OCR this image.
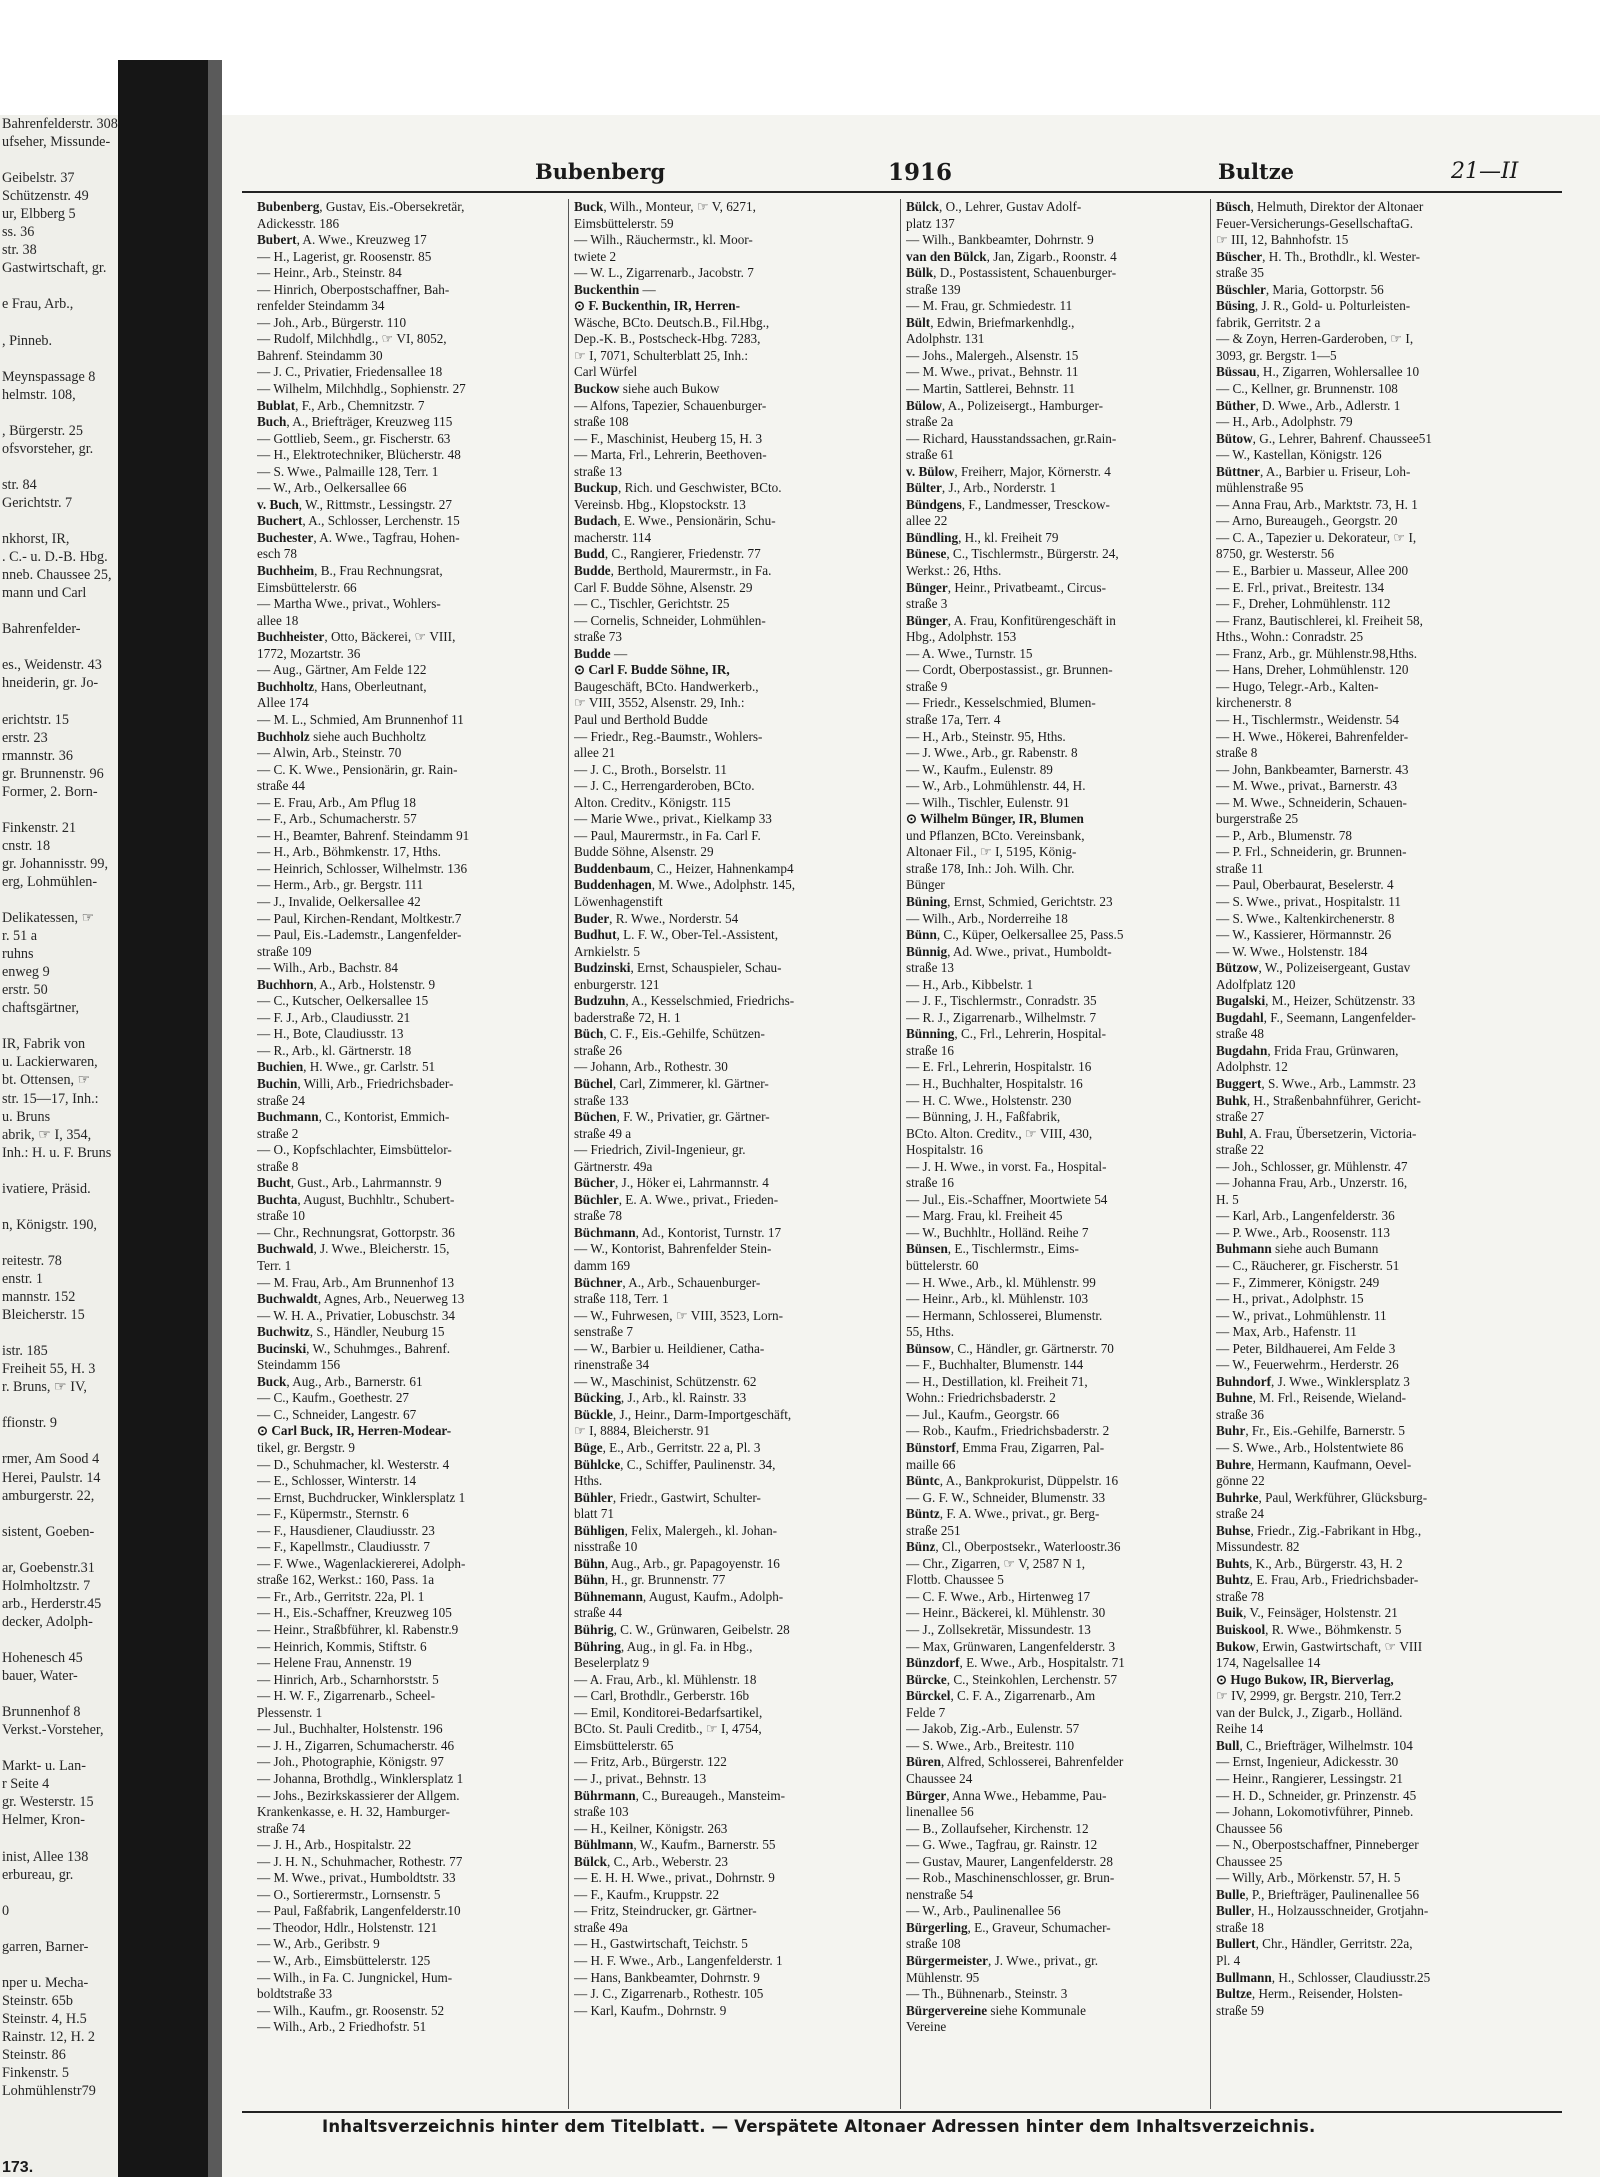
Bahrenfelderstr. 308
ufseher, Missunde-

Geibelstr. 37
Schützenstr. 49
ur, Elbberg 5
ss. 36
str. 38
Gastwirtschaft, gr.

e Frau, Arb.,

, Pinneb.

Meynspassage 8
helmstr. 108,

, Bürgerstr. 25
ofsvorsteher, gr.

str. 84
Gerichtstr. 7

nkhorst, IR,
. C.- u. D.-B. Hbg.
nneb. Chaussee 25,
mann und Carl

Bahrenfelder-

es., Weidenstr. 43
hneiderin, gr. Jo-

erichtstr. 15
erstr. 23
rmannstr. 36
gr. Brunnenstr. 96
Former, 2. Born-

Finkenstr. 21
cnstr. 18
gr. Johannisstr. 99,
erg, Lohmühlen-

Delikatessen, ☞
r. 51 a
ruhns
enweg 9
erstr. 50
chaftsgärtner,

IR, Fabrik von
u. Lackierwaren,
bt. Ottensen, ☞
str. 15—17, Inh.:
u. Bruns
abrik, ☞ I, 354,
Inh.: H. u. F. Bruns

ivatiere, Präsid.

n, Königstr. 190,

reitestr. 78
enstr. 1
mannstr. 152
Bleicherstr. 15

istr. 185
Freiheit 55, H. 3
r. Bruns, ☞ IV,

ffionstr. 9

rmer, Am Sood 4
Herei, Paulstr. 14
amburgerstr. 22,

sistent, Goeben-

ar, Goebenstr.31
Holmholtzstr. 7
arb., Herderstr.45
decker, Adolph-

Hohenesch 45
bauer, Water-

Brunnenhof 8
Verkst.-Vorsteher,

Markt- u. Lan-
r Seite 4
gr. Westerstr. 15
Helmer, Kron-

inist, Allee 138
erbureau, gr.

0

garren, Barner-

nper u. Mecha-
Steinstr. 65b
Steinstr. 4, H.5
Rainstr. 12, H. 2
Steinstr. 86
Finkenstr. 5
Lohmühlenstr79
173.
Bubenberg	1916	Bultze	21—II
Bubenberg, Gustav, Eis.-Obersekretär,
Adickesstr. 186
Bubert, A. Wwe., Kreuzweg 17
— H., Lagerist, gr. Roosenstr. 85
— Heinr., Arb., Steinstr. 84
— Hinrich, Oberpostschaffner, Bah-
renfelder Steindamm 34
— Joh., Arb., Bürgerstr. 110
— Rudolf, Milchhdlg., ☞ VI, 8052,
Bahrenf. Steindamm 30
— J. C., Privatier, Friedensallee 18
— Wilhelm, Milchhdlg., Sophienstr. 27
Bublat, F., Arb., Chemnitzstr. 7
Buch, A., Briefträger, Kreuzweg 115
— Gottlieb, Seem., gr. Fischerstr. 63
— H., Elektrotechniker, Blücherstr. 48
— S. Wwe., Palmaille 128, Terr. 1
— W., Arb., Oelkersallee 66
v. Buch, W., Rittmstr., Lessingstr. 27
Buchert, A., Schlosser, Lerchenstr. 15
Buchester, A. Wwe., Tagfrau, Hohen-
esch 78
Buchheim, B., Frau Rechnungsrat,
Eimsbüttelerstr. 66
— Martha Wwe., privat., Wohlers-
allee 18
Buchheister, Otto, Bäckerei, ☞ VIII,
1772, Mozartstr. 36
— Aug., Gärtner, Am Felde 122
Buchholtz, Hans, Oberleutnant,
Allee 174
— M. L., Schmied, Am Brunnenhof 11
Buchholz siehe auch Buchholtz
— Alwin, Arb., Steinstr. 70
— C. K. Wwe., Pensionärin, gr. Rain-
straße 44
— E. Frau, Arb., Am Pflug 18
— F., Arb., Schumacherstr. 57
— H., Beamter, Bahrenf. Steindamm 91
— H., Arb., Böhmkenstr. 17, Hths.
— Heinrich, Schlosser, Wilhelmstr. 136
— Herm., Arb., gr. Bergstr. 111
— J., Invalide, Oelkersallee 42
— Paul, Kirchen-Rendant, Moltkestr.7
— Paul, Eis.-Lademstr., Langenfelder-
straße 109
— Wilh., Arb., Bachstr. 84
Buchhorn, A., Arb., Holstenstr. 9
— C., Kutscher, Oelkersallee 15
— F. J., Arb., Claudiusstr. 21
— H., Bote, Claudiusstr. 13
— R., Arb., kl. Gärtnerstr. 18
Buchien, H. Wwe., gr. Carlstr. 51
Buchin, Willi, Arb., Friedrichsbader-
straße 24
Buchmann, C., Kontorist, Emmich-
straße 2
— O., Kopfschlachter, Eimsbüttelor-
straße 8
Bucht, Gust., Arb., Lahrmannstr. 9
Buchta, August, Buchhltr., Schubert-
straße 10
— Chr., Rechnungsrat, Gottorpstr. 36
Buchwald, J. Wwe., Bleicherstr. 15,
Terr. 1
— M. Frau, Arb., Am Brunnenhof 13
Buchwaldt, Agnes, Arb., Neuerweg 13
— W. H. A., Privatier, Lobuschstr. 34
Buchwitz, S., Händler, Neuburg 15
Bucinski, W., Schuhmges., Bahrenf.
Steindamm 156
Buck, Aug., Arb., Barnerstr. 61
— C., Kaufm., Goethestr. 27
— C., Schneider, Langestr. 67
⊙ Carl Buck, IR, Herren-Modear-
tikel, gr. Bergstr. 9
— D., Schuhmacher, kl. Westerstr. 4
— E., Schlosser, Winterstr. 14
— Ernst, Buchdrucker, Winklersplatz 1
— F., Küpermstr., Sternstr. 6
— F., Hausdiener, Claudiusstr. 23
— F., Kapellmstr., Claudiusstr. 7
— F. Wwe., Wagenlackiererei, Adolph-
straße 162, Werkst.: 160, Pass. 1a
— Fr., Arb., Gerritstr. 22a, Pl. 1
— H., Eis.-Schaffner, Kreuzweg 105
— Heinr., Straßbführer, kl. Rabenstr.9
— Heinrich, Kommis, Stiftstr. 6
— Helene Frau, Annenstr. 19
— Hinrich, Arb., Scharnhorststr. 5
— H. W. F., Zigarrenarb., Scheel-
Plessenstr. 1
— Jul., Buchhalter, Holstenstr. 196
— J. H., Zigarren, Schumacherstr. 46
— Joh., Photographie, Königstr. 97
— Johanna, Brothdlg., Winklersplatz 1
— Johs., Bezirkskassierer der Allgem.
Krankenkasse, e. H. 32, Hamburger-
straße 74
— J. H., Arb., Hospitalstr. 22
— J. H. N., Schuhmacher, Rothestr. 77
— M. Wwe., privat., Humboldtstr. 33
— O., Sortierermstr., Lornsenstr. 5
— Paul, Faßfabrik, Langenfelderstr.10
— Theodor, Hdlr., Holstenstr. 121
— W., Arb., Geribstr. 9
— W., Arb., Eimsbüttelerstr. 125
— Wilh., in Fa. C. Jungnickel, Hum-
boldtstraße 33
— Wilh., Kaufm., gr. Roosenstr. 52
— Wilh., Arb., 2 Friedhofstr. 51
Buck, Wilh., Monteur, ☞ V, 6271,
Eimsbüttelerstr. 59
— Wilh., Räuchermstr., kl. Moor-
twiete 2
— W. L., Zigarrenarb., Jacobstr. 7
Buckenthin —
⊙ F. Buckenthin, IR, Herren-
Wäsche, BCto. Deutsch.B., Fil.Hbg.,
Dep.-K. B., Postscheck-Hbg. 7283,
☞ I, 7071, Schulterblatt 25, Inh.:
Carl Würfel
Buckow siehe auch Bukow
— Alfons, Tapezier, Schauenburger-
straße 108
— F., Maschinist, Heuberg 15, H. 3
— Marta, Frl., Lehrerin, Beethoven-
straße 13
Buckup, Rich. und Geschwister, BCto.
Vereinsb. Hbg., Klopstockstr. 13
Budach, E. Wwe., Pensionärin, Schu-
macherstr. 114
Budd, C., Rangierer, Friedenstr. 77
Budde, Berthold, Maurermstr., in Fa.
Carl F. Budde Söhne, Alsenstr. 29
— C., Tischler, Gerichtstr. 25
— Cornelis, Schneider, Lohmühlen-
straße 73
Budde —
⊙ Carl F. Budde Söhne, IR,
Baugeschäft, BCto. Handwerkerb.,
☞ VIII, 3552, Alsenstr. 29, Inh.:
Paul und Berthold Budde
— Friedr., Reg.-Baumstr., Wohlers-
allee 21
— J. C., Broth., Borselstr. 11
— J. C., Herrengarderoben, BCto.
Alton. Creditv., Königstr. 115
— Marie Wwe., privat., Kielkamp 33
— Paul, Maurermstr., in Fa. Carl F.
Budde Söhne, Alsenstr. 29
Buddenbaum, C., Heizer, Hahnenkamp4
Buddenhagen, M. Wwe., Adolphstr. 145,
Löwenhagenstift
Buder, R. Wwe., Norderstr. 54
Budhut, L. F. W., Ober-Tel.-Assistent,
Arnkielstr. 5
Budzinski, Ernst, Schauspieler, Schau-
enburgerstr. 121
Budzuhn, A., Kesselschmied, Friedrichs-
baderstraße 72, H. 1
Büch, C. F., Eis.-Gehilfe, Schützen-
straße 26
— Johann, Arb., Rothestr. 30
Büchel, Carl, Zimmerer, kl. Gärtner-
straße 133
Büchen, F. W., Privatier, gr. Gärtner-
straße 49 a
— Friedrich, Zivil-Ingenieur, gr.
Gärtnerstr. 49a
Bücher, J., Höker ei, Lahrmannstr. 4
Büchler, E. A. Wwe., privat., Frieden-
straße 78
Büchmann, Ad., Kontorist, Turnstr. 17
— W., Kontorist, Bahrenfelder Stein-
damm 169
Büchner, A., Arb., Schauenburger-
straße 118, Terr. 1
— W., Fuhrwesen, ☞ VIII, 3523, Lorn-
senstraße 7
— W., Barbier u. Heildiener, Catha-
rinenstraße 34
— W., Maschinist, Schützenstr. 62
Bücking, J., Arb., kl. Rainstr. 33
Bückle, J., Heinr., Darm-Importgeschäft,
☞ I, 8884, Bleicherstr. 91
Büge, E., Arb., Gerritstr. 22 a, Pl. 3
Bühlcke, C., Schiffer, Paulinenstr. 34,
Hths.
Bühler, Friedr., Gastwirt, Schulter-
blatt 71
Bühligen, Felix, Malergeh., kl. Johan-
nisstraße 10
Bühn, Aug., Arb., gr. Papagoyenstr. 16
Bühn, H., gr. Brunnenstr. 77
Bühnemann, August, Kaufm., Adolph-
straße 44
Bührig, C. W., Grünwaren, Geibelstr. 28
Bühring, Aug., in gl. Fa. in Hbg.,
Beselerplatz 9
— A. Frau, Arb., kl. Mühlenstr. 18
— Carl, Brothdlr., Gerberstr. 16b
— Emil, Konditorei-Bedarfsartikel,
BCto. St. Pauli Creditb., ☞ I, 4754,
Eimsbüttelerstr. 65
— Fritz, Arb., Bürgerstr. 122
— J., privat., Behnstr. 13
Bührmann, C., Bureaugeh., Mansteim-
straße 103
— H., Keilner, Königstr. 263
Bühlmann, W., Kaufm., Barnerstr. 55
Bülck, C., Arb., Weberstr. 23
— E. H. H. Wwe., privat., Dohrnstr. 9
— F., Kaufm., Kruppstr. 22
— Fritz, Steindrucker, gr. Gärtner-
straße 49a
— H., Gastwirtschaft, Teichstr. 5
— H. F. Wwe., Arb., Langenfelderstr. 1
— Hans, Bankbeamter, Dohrnstr. 9
— J. C., Zigarrenarb., Rothestr. 105
— Karl, Kaufm., Dohrnstr. 9
Bülck, O., Lehrer, Gustav Adolf-
platz 137
— Wilh., Bankbeamter, Dohrnstr. 9
van den Bülck, Jan, Zigarb., Roonstr. 4
Bülk, D., Postassistent, Schauenburger-
straße 139
— M. Frau, gr. Schmiedestr. 11
Bült, Edwin, Briefmarkenhdlg.,
Adolphstr. 131
— Johs., Malergeh., Alsenstr. 15
— M. Wwe., privat., Behnstr. 11
— Martin, Sattlerei, Behnstr. 11
Bülow, A., Polizeisergt., Hamburger-
straße 2a
— Richard, Hausstandssachen, gr.Rain-
straße 61
v. Bülow, Freiherr, Major, Körnerstr. 4
Bülter, J., Arb., Norderstr. 1
Bündgens, F., Landmesser, Tresckow-
allee 22
Bündling, H., kl. Freiheit 79
Bünese, C., Tischlermstr., Bürgerstr. 24,
Werkst.: 26, Hths.
Bünger, Heinr., Privatbeamt., Circus-
straße 3
Bünger, A. Frau, Konfitürengeschäft in
Hbg., Adolphstr. 153
— A. Wwe., Turnstr. 15
— Cordt, Oberpostassist., gr. Brunnen-
straße 9
— Friedr., Kesselschmied, Blumen-
straße 17a, Terr. 4
— H., Arb., Steinstr. 95, Hths.
— J. Wwe., Arb., gr. Rabenstr. 8
— W., Kaufm., Eulenstr. 89
— W., Arb., Lohmühlenstr. 44, H.
— Wilh., Tischler, Eulenstr. 91
⊙ Wilhelm Bünger, IR, Blumen
und Pflanzen, BCto. Vereinsbank,
Altonaer Fil., ☞ I, 5195, König-
straße 178, Inh.: Joh. Wilh. Chr.
Bünger
Büning, Ernst, Schmied, Gerichtstr. 23
— Wilh., Arb., Norderreihe 18
Bünn, C., Küper, Oelkersallee 25, Pass.5
Bünnig, Ad. Wwe., privat., Humboldt-
straße 13
— H., Arb., Kibbelstr. 1
— J. F., Tischlermstr., Conradstr. 35
— R. J., Zigarrenarb., Wilhelmstr. 7
Bünning, C., Frl., Lehrerin, Hospital-
straße 16
— E. Frl., Lehrerin, Hospitalstr. 16
— H., Buchhalter, Hospitalstr. 16
— H. C. Wwe., Holstenstr. 230
— Bünning, J. H., Faßfabrik,
BCto. Alton. Creditv., ☞ VIII, 430,
Hospitalstr. 16
— J. H. Wwe., in vorst. Fa., Hospital-
straße 16
— Jul., Eis.-Schaffner, Moortwiete 54
— Marg. Frau, kl. Freiheit 45
— W., Buchhltr., Holländ. Reihe 7
Bünsen, E., Tischlermstr., Eims-
büttelerstr. 60
— H. Wwe., Arb., kl. Mühlenstr. 99
— Heinr., Arb., kl. Mühlenstr. 103
— Hermann, Schlosserei, Blumenstr.
55, Hths.
Bünsow, C., Händler, gr. Gärtnerstr. 70
— F., Buchhalter, Blumenstr. 144
— H., Destillation, kl. Freiheit 71,
Wohn.: Friedrichsbaderstr. 2
— Jul., Kaufm., Georgstr. 66
— Rob., Kaufm., Friedrichsbaderstr. 2
Bünstorf, Emma Frau, Zigarren, Pal-
maille 66
Büntc, A., Bankprokurist, Düppelstr. 16
— G. F. W., Schneider, Blumenstr. 33
Büntz, F. A. Wwe., privat., gr. Berg-
straße 251
Bünz, Cl., Oberpostsekr., Waterloostr.36
— Chr., Zigarren, ☞ V, 2587 N 1,
Flottb. Chaussee 5
— C. F. Wwe., Arb., Hirtenweg 17
— Heinr., Bäckerei, kl. Mühlenstr. 30
— J., Zollsekretär, Missundestr. 13
— Max, Grünwaren, Langenfelderstr. 3
Bünzdorf, E. Wwe., Arb., Hospitalstr. 71
Bürcke, C., Steinkohlen, Lerchenstr. 57
Bürckel, C. F. A., Zigarrenarb., Am
Felde 7
— Jakob, Zig.-Arb., Eulenstr. 57
— S. Wwe., Arb., Breitestr. 110
Büren, Alfred, Schlosserei, Bahrenfelder
Chaussee 24
Bürger, Anna Wwe., Hebamme, Pau-
linenallee 56
— B., Zollaufseher, Kirchenstr. 12
— G. Wwe., Tagfrau, gr. Rainstr. 12
— Gustav, Maurer, Langenfelderstr. 28
— Rob., Maschinenschlosser, gr. Brun-
nenstraße 54
— W., Arb., Paulinenallee 56
Bürgerling, E., Graveur, Schumacher-
straße 108
Bürgermeister, J. Wwe., privat., gr.
Mühlenstr. 95
— Th., Bühnenarb., Steinstr. 3
Bürgervereine siehe Kommunale
Vereine
Büsch, Helmuth, Direktor der Altonaer
Feuer-Versicherungs-GesellschaftaG.
☞ III, 12, Bahnhofstr. 15
Büscher, H. Th., Brothdlr., kl. Wester-
straße 35
Büschler, Maria, Gottorpstr. 56
Büsing, J. R., Gold- u. Polturleisten-
fabrik, Gerritstr. 2 a
— & Zoyn, Herren-Garderoben, ☞ I,
3093, gr. Bergstr. 1—5
Büssau, H., Zigarren, Wohlersallee 10
— C., Kellner, gr. Brunnenstr. 108
Büther, D. Wwe., Arb., Adlerstr. 1
— H., Arb., Adolphstr. 79
Bütow, G., Lehrer, Bahrenf. Chaussee51
— W., Kastellan, Königstr. 126
Büttner, A., Barbier u. Friseur, Loh-
mühlenstraße 95
— Anna Frau, Arb., Marktstr. 73, H. 1
— Arno, Bureaugeh., Georgstr. 20
— C. A., Tapezier u. Dekorateur, ☞ I,
8750, gr. Westerstr. 56
— E., Barbier u. Masseur, Allee 200
— E. Frl., privat., Breitestr. 134
— F., Dreher, Lohmühlenstr. 112
— Franz, Bautischlerei, kl. Freiheit 58,
Hths., Wohn.: Conradstr. 25
— Franz, Arb., gr. Mühlenstr.98,Hths.
— Hans, Dreher, Lohmühlenstr. 120
— Hugo, Telegr.-Arb., Kalten-
kirchenerstr. 8
— H., Tischlermstr., Weidenstr. 54
— H. Wwe., Hökerei, Bahrenfelder-
straße 8
— John, Bankbeamter, Barnerstr. 43
— M. Wwe., privat., Barnerstr. 43
— M. Wwe., Schneiderin, Schauen-
burgerstraße 25
— P., Arb., Blumenstr. 78
— P. Frl., Schneiderin, gr. Brunnen-
straße 11
— Paul, Oberbaurat, Beselerstr. 4
— S. Wwe., privat., Hospitalstr. 11
— S. Wwe., Kaltenkirchenerstr. 8
— W., Kassierer, Hörmannstr. 26
— W. Wwe., Holstenstr. 184
Bützow, W., Polizeisergeant, Gustav
Adolfplatz 120
Bugalski, M., Heizer, Schützenstr. 33
Bugdahl, F., Seemann, Langenfelder-
straße 48
Bugdahn, Frida Frau, Grünwaren,
Adolphstr. 12
Buggert, S. Wwe., Arb., Lammstr. 23
Buhk, H., Straßenbahnführer, Gericht-
straße 27
Buhl, A. Frau, Übersetzerin, Victoria-
straße 22
— Joh., Schlosser, gr. Mühlenstr. 47
— Johanna Frau, Arb., Unzerstr. 16,
H. 5
— Karl, Arb., Langenfelderstr. 36
— P. Wwe., Arb., Roosenstr. 113
Buhmann siehe auch Bumann
— C., Räucherer, gr. Fischerstr. 51
— F., Zimmerer, Königstr. 249
— H., privat., Adolphstr. 15
— W., privat., Lohmühlenstr. 11
— Max, Arb., Hafenstr. 11
— Peter, Bildhauerei, Am Felde 3
— W., Feuerwehrm., Herderstr. 26
Buhndorf, J. Wwe., Winklersplatz 3
Buhne, M. Frl., Reisende, Wieland-
straße 36
Buhr, Fr., Eis.-Gehilfe, Barnerstr. 5
— S. Wwe., Arb., Holstentwiete 86
Buhre, Hermann, Kaufmann, Oevel-
gönne 22
Buhrke, Paul, Werkführer, Glücksburg-
straße 24
Buhse, Friedr., Zig.-Fabrikant in Hbg.,
Missundestr. 82
Buhts, K., Arb., Bürgerstr. 43, H. 2
Buhtz, E. Frau, Arb., Friedrichsbader-
straße 78
Buik, V., Feinsäger, Holstenstr. 21
Buiskool, R. Wwe., Böhmkenstr. 5
Bukow, Erwin, Gastwirtschaft, ☞ VIII
174, Nagelsallee 14
⊙ Hugo Bukow, IR, Bierverlag,
☞ IV, 2999, gr. Bergstr. 210, Terr.2
van der Bulck, J., Zigarb., Holländ.
Reihe 14
Bull, C., Briefträger, Wilhelmstr. 104
— Ernst, Ingenieur, Adickesstr. 30
— Heinr., Rangierer, Lessingstr. 21
— H. D., Schneider, gr. Prinzenstr. 45
— Johann, Lokomotivführer, Pinneb.
Chaussee 56
— N., Oberpostschaffner, Pinneberger
Chaussee 25
— Willy, Arb., Mörkenstr. 57, H. 5
Bulle, P., Briefträger, Paulinenallee 56
Buller, H., Holzausschneider, Grotjahn-
straße 18
Bullert, Chr., Händler, Gerritstr. 22a,
Pl. 4
Bullmann, H., Schlosser, Claudiusstr.25
Bultze, Herm., Reisender, Holsten-
straße 59
Inhaltsverzeichnis hinter dem Titelblatt. — Verspätete Altonaer Adressen hinter dem Inhaltsverzeichnis.
